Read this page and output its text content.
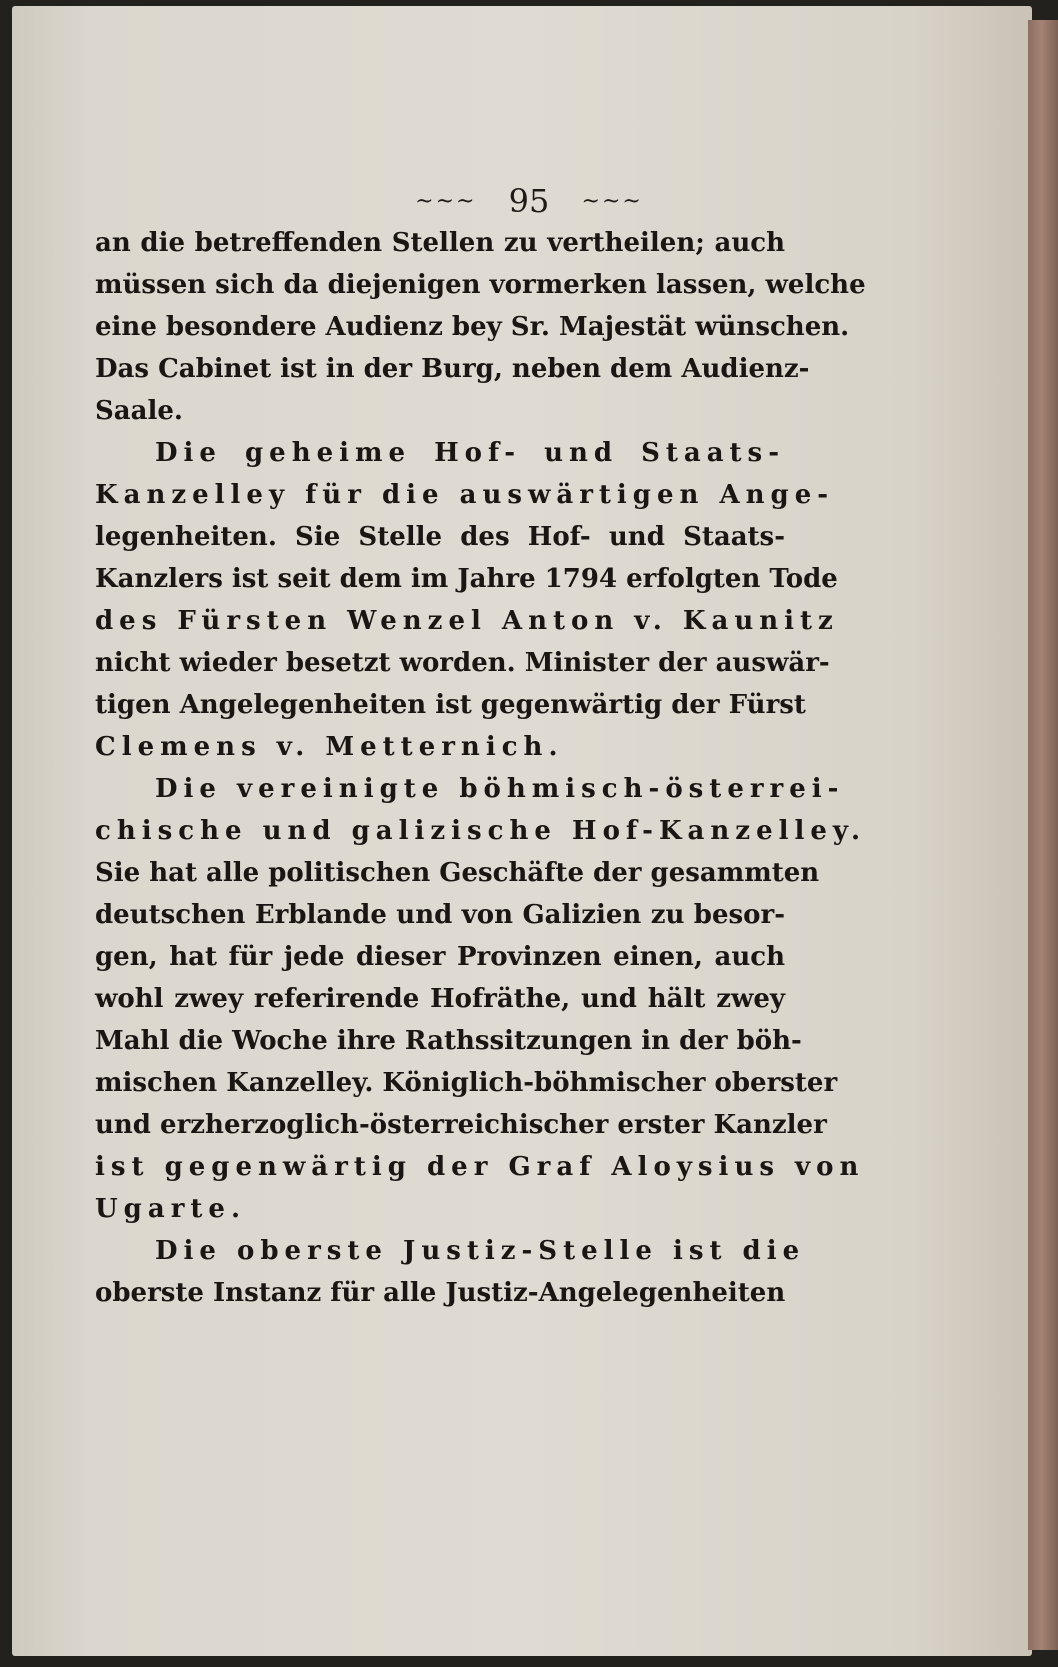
~~~ 95 ~~~
an die betreffenden Stellen zu vertheilen; auch
müssen sich da diejenigen vormerken lassen, welche
eine besondere Audienz bey Sr. Majestät wünschen.
Das Cabinet ist in der Burg, neben dem Audienz-
Saale.
Die geheime Hof- und Staats-
Kanzelley für die auswärtigen Ange-
legenheiten. Sie Stelle des Hof- und Staats-
Kanzlers ist seit dem im Jahre 1794 erfolgten Tode
des Fürsten Wenzel Anton v. Kaunitz
nicht wieder besetzt worden. Minister der auswär-
tigen Angelegenheiten ist gegenwärtig der Fürst
Clemens v. Metternich.
Die vereinigte böhmisch-österrei-
chische und galizische Hof-Kanzelley.
Sie hat alle politischen Geschäfte der gesammten
deutschen Erblande und von Galizien zu besor-
gen, hat für jede dieser Provinzen einen, auch
wohl zwey referirende Hofräthe, und hält zwey
Mahl die Woche ihre Rathssitzungen in der böh-
mischen Kanzelley. Königlich-böhmischer oberster
und erzherzoglich-österreichischer erster Kanzler
ist gegenwärtig der Graf Aloysius von
Ugarte.
Die oberste Justiz-Stelle ist die
oberste Instanz für alle Justiz-Angelegenheiten
